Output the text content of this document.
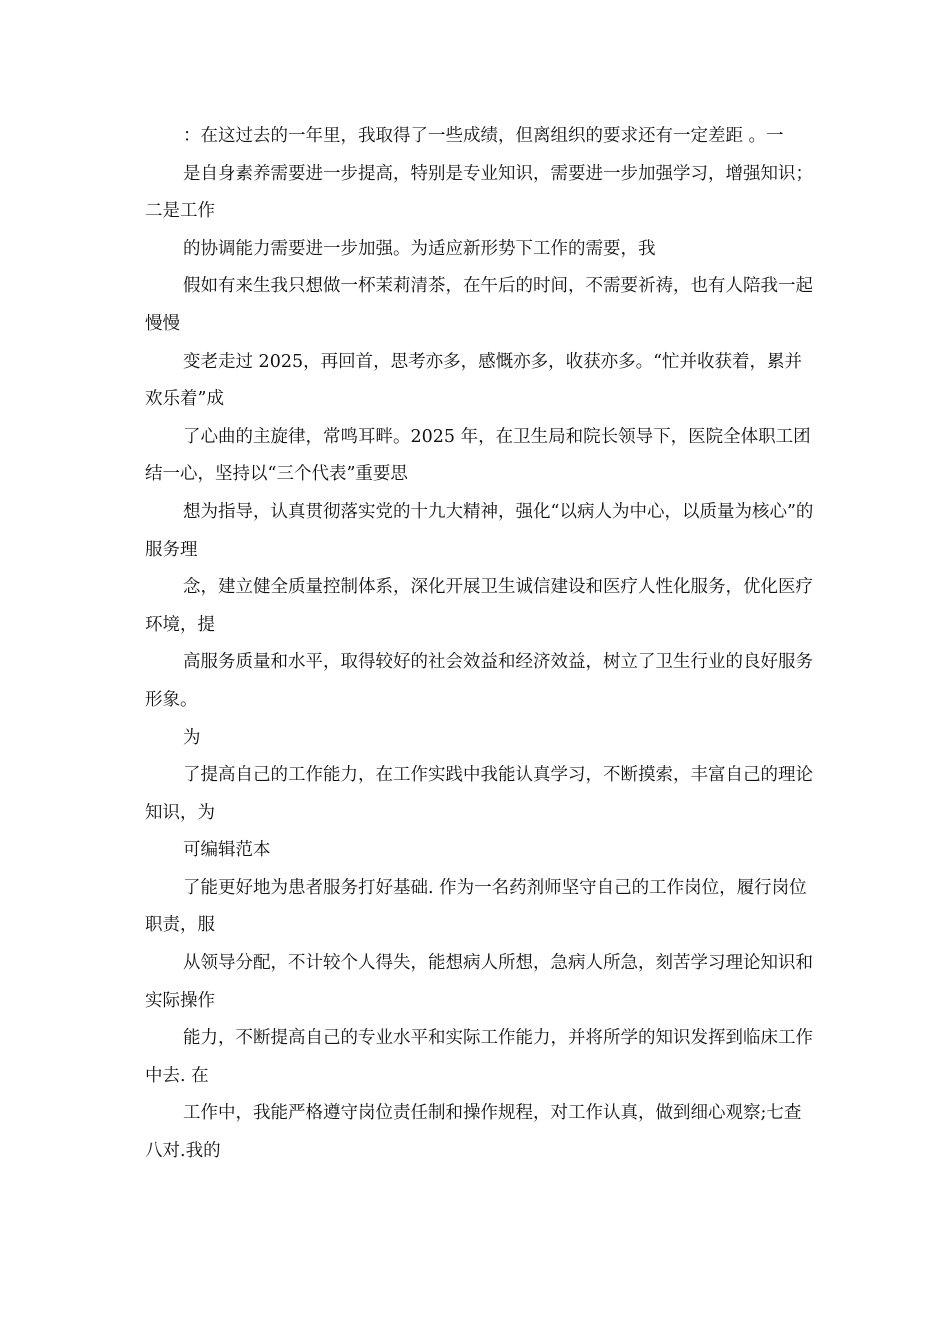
：在这过去的一年里，我取得了一些成绩，但离组织的要求还有一定差距 。一

是自身素养需要进一步提高，特别是专业知识，需要进一步加强学习，增强知识；二是工作

的协调能力需要进一步加强。为适应新形势下工作的需要，我

假如有来生我只想做一杯茉莉清茶，在午后的时间，不需要祈祷，也有人陪我一起慢慢

变老走过 2025，再回首，思考亦多，感慨亦多，收获亦多。“忙并收获着，累并欢乐着”成

了心曲的主旋律，常鸣耳畔。2025 年，在卫生局和院长领导下，医院全体职工团结一心，坚持以“三个代表”重要思

想为指导，认真贯彻落实党的十九大精神，强化“以病人为中心，以质量为核心”的服务理

念，建立健全质量控制体系，深化开展卫生诚信建设和医疗人性化服务，优化医疗环境，提

高服务质量和水平，取得较好的社会效益和经济效益，树立了卫生行业的良好服务形象。

为

了提高自己的工作能力，在工作实践中我能认真学习，不断摸索，丰富自己的理论知识，为

可编辑范本

了能更好地为患者服务打好基础. 作为一名药剂师坚守自己的工作岗位，履行岗位职责，服

从领导分配，不计较个人得失，能想病人所想，急病人所急，刻苦学习理论知识和实际操作

能力，不断提高自己的专业水平和实际工作能力，并将所学的知识发挥到临床工作中去. 在

工作中，我能严格遵守岗位责任制和操作规程，对工作认真，做到细心观察;七查八对.我的
